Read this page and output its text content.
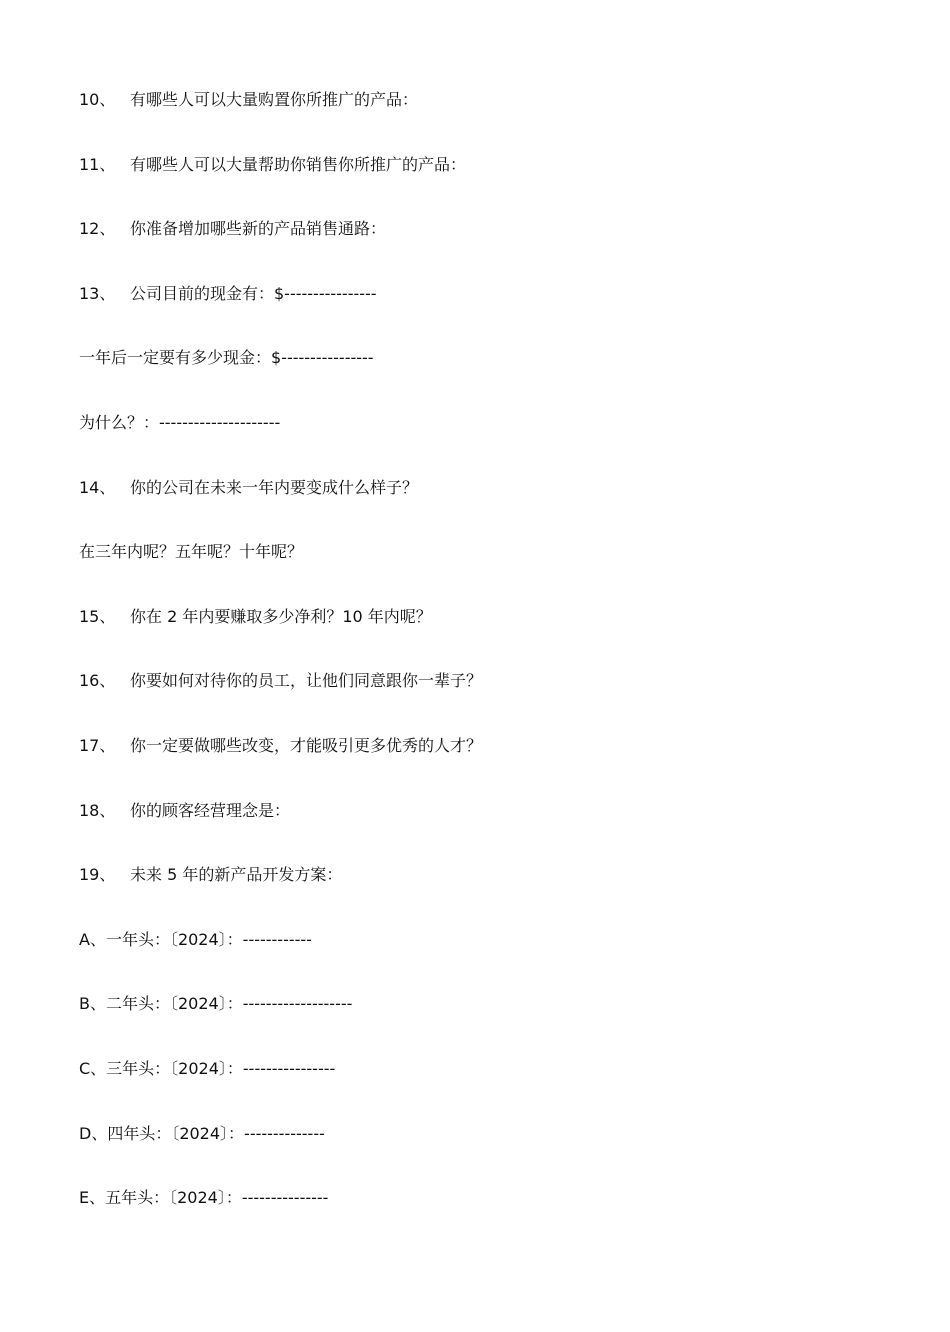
10、 有哪些人可以大量购置你所推广的产品：
11、 有哪些人可以大量帮助你销售你所推广的产品：
12、 你准备增加哪些新的产品销售通路：
13、 公司目前的现金有：$----------------
一年后一定要有多少现金：$----------------
为什么？：---------------------
14、 你的公司在未来一年内要变成什么样子？
在三年内呢？五年呢？十年呢？
15、 你在 2 年内要赚取多少净利？10 年内呢？
16、 你要如何对待你的员工，让他们同意跟你一辈子？
17、 你一定要做哪些改变，才能吸引更多优秀的人才？
18、 你的顾客经营理念是：
19、 未来 5 年的新产品开发方案：
A、一年头：〔2024〕：------------
B、二年头：〔2024〕：-------------------
C、三年头：〔2024〕：----------------
D、四年头：〔2024〕：--------------
E、五年头：〔2024〕：---------------
